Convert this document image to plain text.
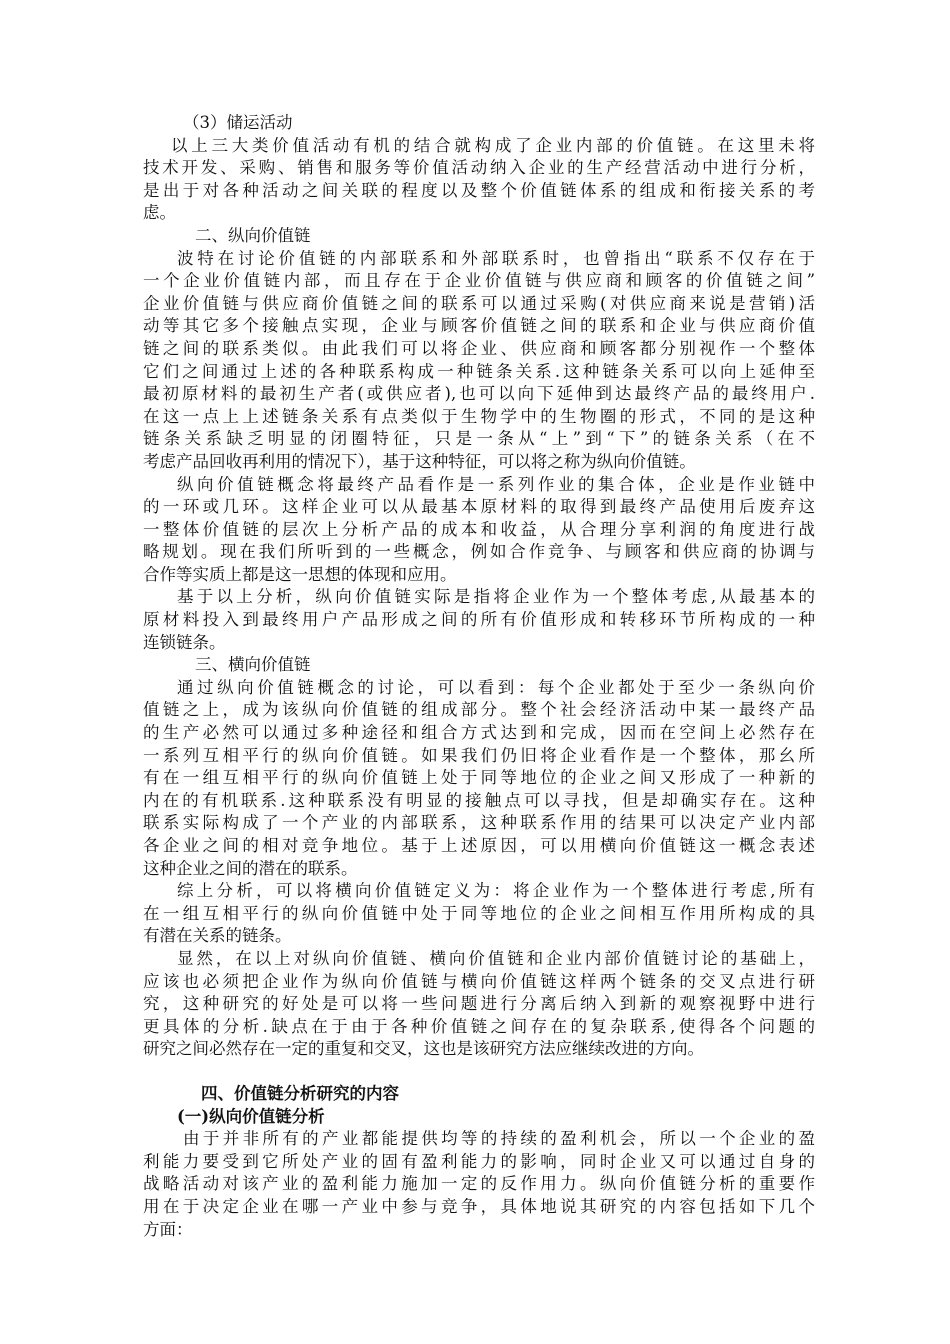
（3）储运活动
以上三大类价值活动有机的结合就构成了企业内部的价值链。在这里未将
技术开发、采购、销售和服务等价值活动纳入企业的生产经营活动中进行分析，
是出于对各种活动之间关联的程度以及整个价值链体系的组成和衔接关系的考
虑。
二、纵向价值链
波特在讨论价值链的内部联系和外部联系时，也曾指出“联系不仅存在于
一个企业价值链内部，而且存在于企业价值链与供应商和顾客的价值链之间”
企业价值链与供应商价值链之间的联系可以通过采购(对供应商来说是营销)活
动等其它多个接触点实现，企业与顾客价值链之间的联系和企业与供应商价值
链之间的联系类似。由此我们可以将企业、供应商和顾客都分别视作一个整体
它们之间通过上述的各种联系构成一种链条关系.这种链条关系可以向上延伸至
最初原材料的最初生产者(或供应者),也可以向下延伸到达最终产品的最终用户.
在这一点上上述链条关系有点类似于生物学中的生物圈的形式，不同的是这种
链条关系缺乏明显的闭圈特征，只是一条从“上”到“下”的链条关系（在不
考虑产品回收再利用的情况下），基于这种特征，可以将之称为纵向价值链。
纵向价值链概念将最终产品看作是一系列作业的集合体，企业是作业链中
的一环或几环。这样企业可以从最基本原材料的取得到最终产品使用后废弃这
一整体价值链的层次上分析产品的成本和收益，从合理分享利润的角度进行战
略规划。现在我们所听到的一些概念，例如合作竞争、与顾客和供应商的协调与
合作等实质上都是这一思想的体现和应用。
基于以上分析，纵向价值链实际是指将企业作为一个整体考虑,从最基本的
原材料投入到最终用户产品形成之间的所有价值形成和转移环节所构成的一种
连锁链条。
三、横向价值链
通过纵向价值链概念的讨论，可以看到：每个企业都处于至少一条纵向价
值链之上，成为该纵向价值链的组成部分。整个社会经济活动中某一最终产品
的生产必然可以通过多种途径和组合方式达到和完成，因而在空间上必然存在
一系列互相平行的纵向价值链。如果我们仍旧将企业看作是一个整体，那幺所
有在一组互相平行的纵向价值链上处于同等地位的企业之间又形成了一种新的
内在的有机联系.这种联系没有明显的接触点可以寻找，但是却确实存在。这种
联系实际构成了一个产业的内部联系，这种联系作用的结果可以决定产业内部
各企业之间的相对竞争地位。基于上述原因，可以用横向价值链这一概念表述
这种企业之间的潜在的联系。
综上分析，可以将横向价值链定义为：将企业作为一个整体进行考虑,所有
在一组互相平行的纵向价值链中处于同等地位的企业之间相互作用所构成的具
有潜在关系的链条。
显然，在以上对纵向价值链、横向价值链和企业内部价值链讨论的基础上，
应该也必须把企业作为纵向价值链与横向价值链这样两个链条的交叉点进行研
究，这种研究的好处是可以将一些问题进行分离后纳入到新的观察视野中进行
更具体的分析.缺点在于由于各种价值链之间存在的复杂联系,使得各个问题的
研究之间必然存在一定的重复和交叉，这也是该研究方法应继续改进的方向。
四、价值链分析研究的内容
(一)纵向价值链分析
由于并非所有的产业都能提供均等的持续的盈利机会，所以一个企业的盈
利能力要受到它所处产业的固有盈利能力的影响，同时企业又可以通过自身的
战略活动对该产业的盈利能力施加一定的反作用力。纵向价值链分析的重要作
用在于决定企业在哪一产业中参与竞争，具体地说其研究的内容包括如下几个
方面：
